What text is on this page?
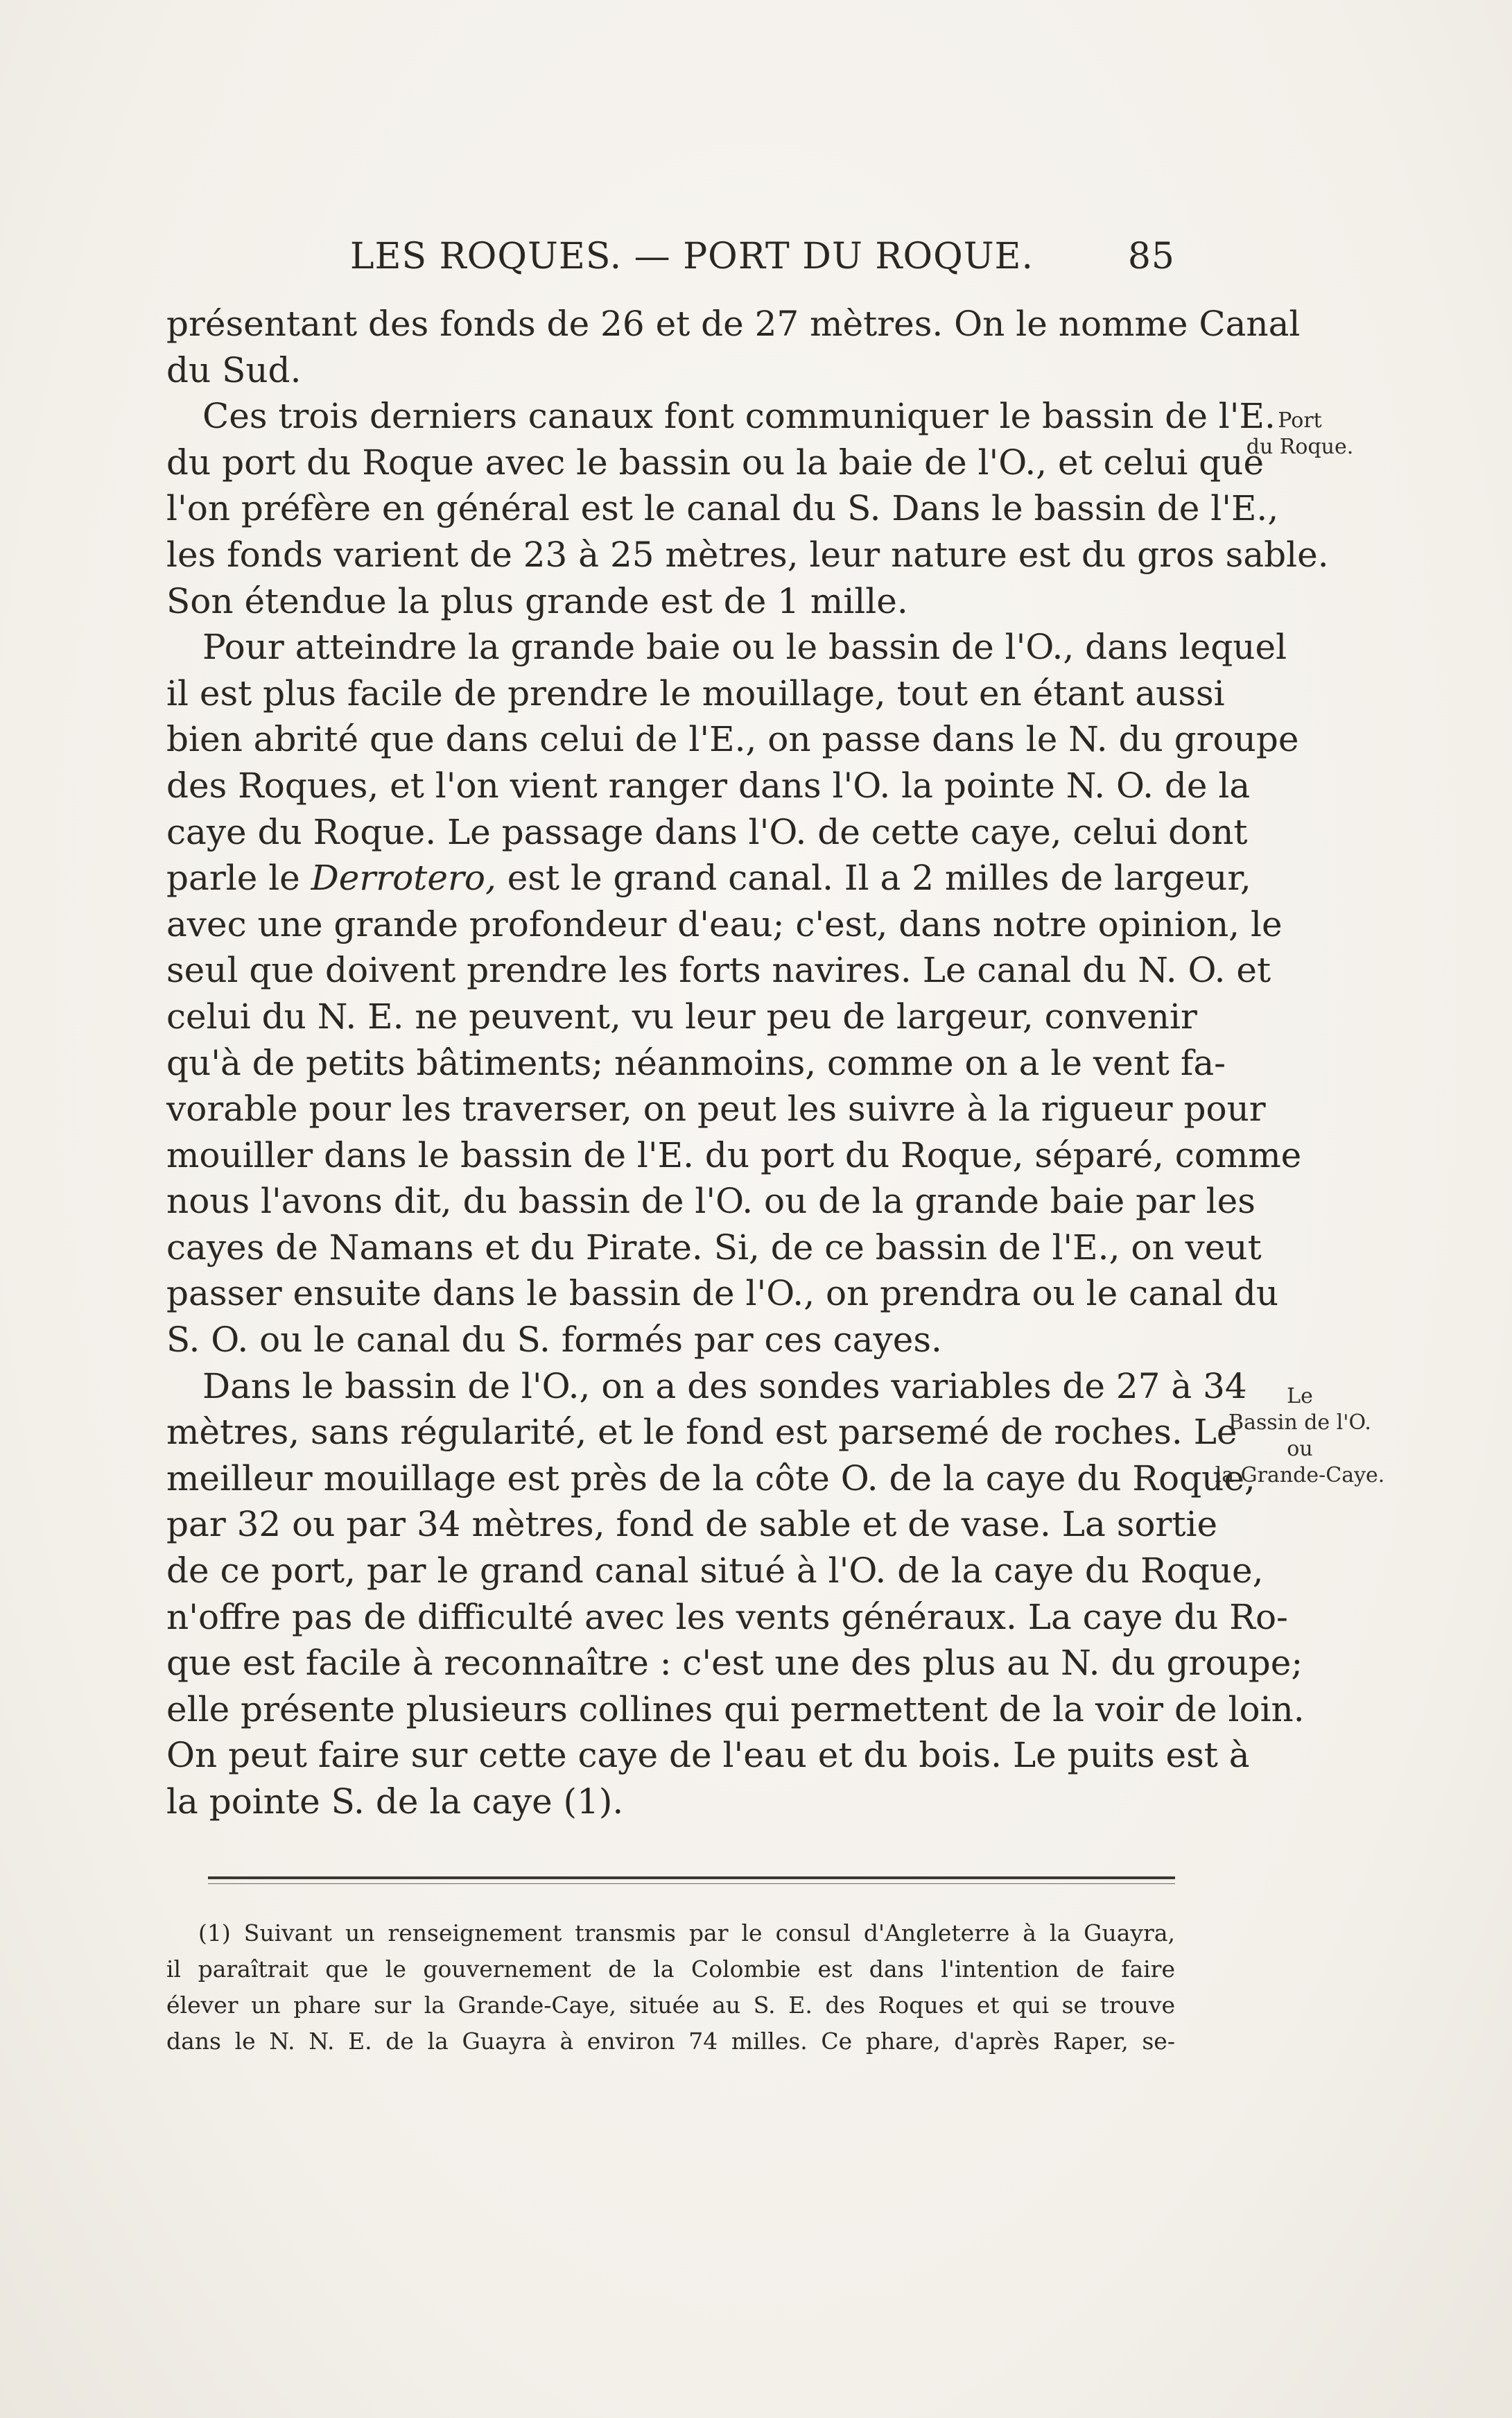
LES ROQUES. — PORT DU ROQUE.	85
présentant des fonds de 26 et de 27 mètres. On le nomme Canal
du Sud.
Ces trois derniers canaux font communiquer le bassin de l'E.
du port du Roque avec le bassin ou la baie de l'O., et celui que
l'on préfère en général est le canal du S. Dans le bassin de l'E.,
les fonds varient de 23 à 25 mètres, leur nature est du gros sable.
Son étendue la plus grande est de 1 mille.
Pour atteindre la grande baie ou le bassin de l'O., dans lequel
il est plus facile de prendre le mouillage, tout en étant aussi
bien abrité que dans celui de l'E., on passe dans le N. du groupe
des Roques, et l'on vient ranger dans l'O. la pointe N. O. de la
caye du Roque. Le passage dans l'O. de cette caye, celui dont
parle le Derrotero, est le grand canal. Il a 2 milles de largeur,
avec une grande profondeur d'eau; c'est, dans notre opinion, le
seul que doivent prendre les forts navires. Le canal du N. O. et
celui du N. E. ne peuvent, vu leur peu de largeur, convenir
qu'à de petits bâtiments; néanmoins, comme on a le vent fa-
vorable pour les traverser, on peut les suivre à la rigueur pour
mouiller dans le bassin de l'E. du port du Roque, séparé, comme
nous l'avons dit, du bassin de l'O. ou de la grande baie par les
cayes de Namans et du Pirate. Si, de ce bassin de l'E., on veut
passer ensuite dans le bassin de l'O., on prendra ou le canal du
S. O. ou le canal du S. formés par ces cayes.
Dans le bassin de l'O., on a des sondes variables de 27 à 34
mètres, sans régularité, et le fond est parsemé de roches. Le
meilleur mouillage est près de la côte O. de la caye du Roque,
par 32 ou par 34 mètres, fond de sable et de vase. La sortie
de ce port, par le grand canal situé à l'O. de la caye du Roque,
n'offre pas de difficulté avec les vents généraux. La caye du Ro-
que est facile à reconnaître : c'est une des plus au N. du groupe;
elle présente plusieurs collines qui permettent de la voir de loin.
On peut faire sur cette caye de l'eau et du bois. Le puits est à
la pointe S. de la caye (1).
Port
du Roque.
Le
Bassin de l'O.
ou
la Grande-Caye.
(1) Suivant un renseignement transmis par le consul d'Angleterre à la Guayra,
il paraîtrait que le gouvernement de la Colombie est dans l'intention de faire
élever un phare sur la Grande-Caye, située au S. E. des Roques et qui se trouve
dans le N. N. E. de la Guayra à environ 74 milles. Ce phare, d'après Raper, se-
